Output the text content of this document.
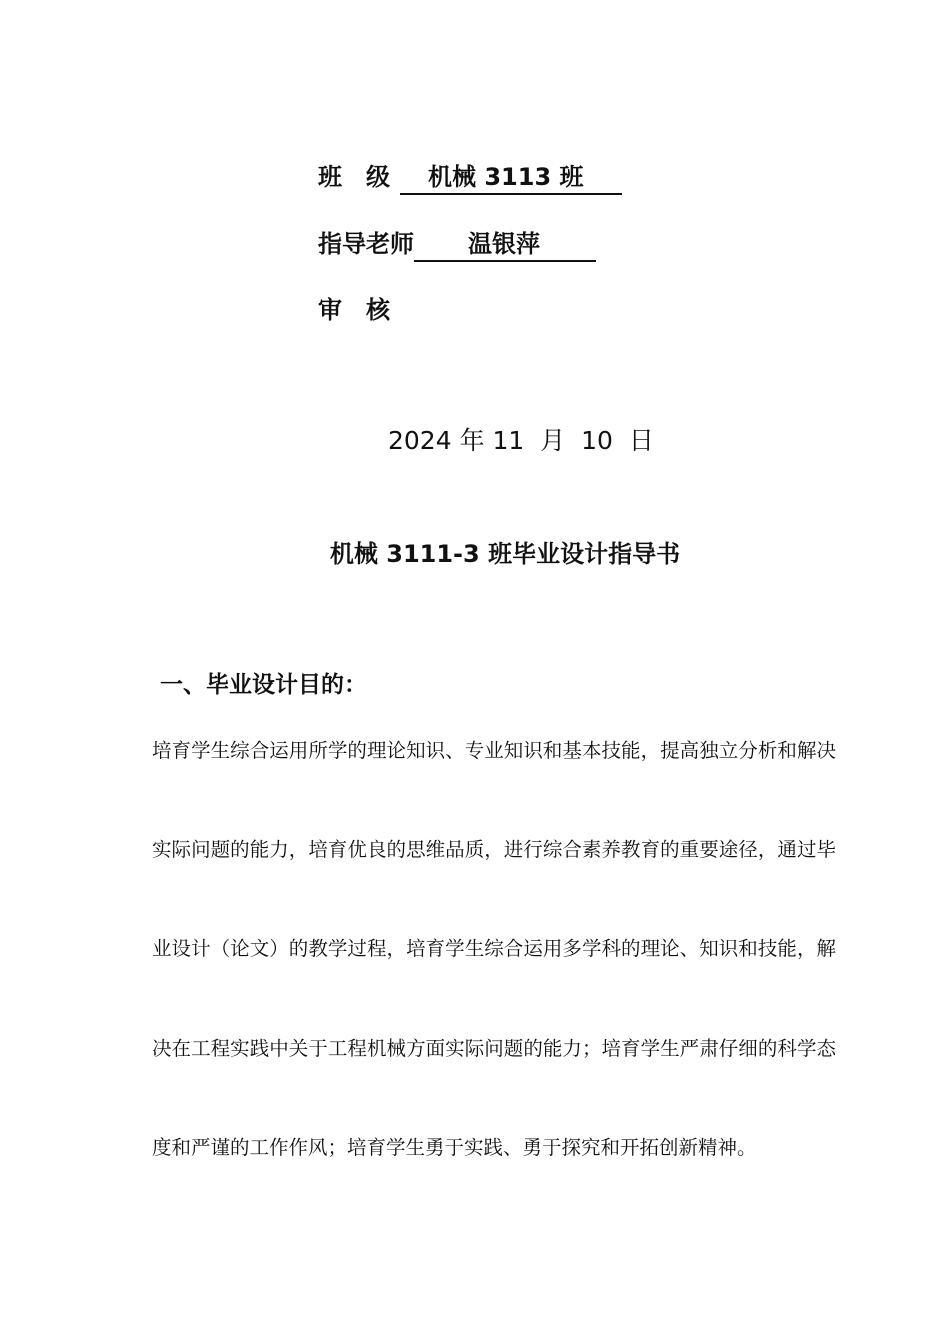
班　级 机械 3113 班
指导老师 温银萍
审　核
2024 年 11  月  10  日
机械 3111-3 班毕业设计指导书
一、毕业设计目的：
培育学生综合运用所学的理论知识、专业知识和基本技能，提高独立分析和解决
实际问题的能力，培育优良的思维品质，进行综合素养教育的重要途径，通过毕
业设计（论文）的教学过程，培育学生综合运用多学科的理论、知识和技能，解
决在工程实践中关于工程机械方面实际问题的能力；培育学生严肃仔细的科学态
度和严谨的工作作风；培育学生勇于实践、勇于探究和开拓创新精神。
